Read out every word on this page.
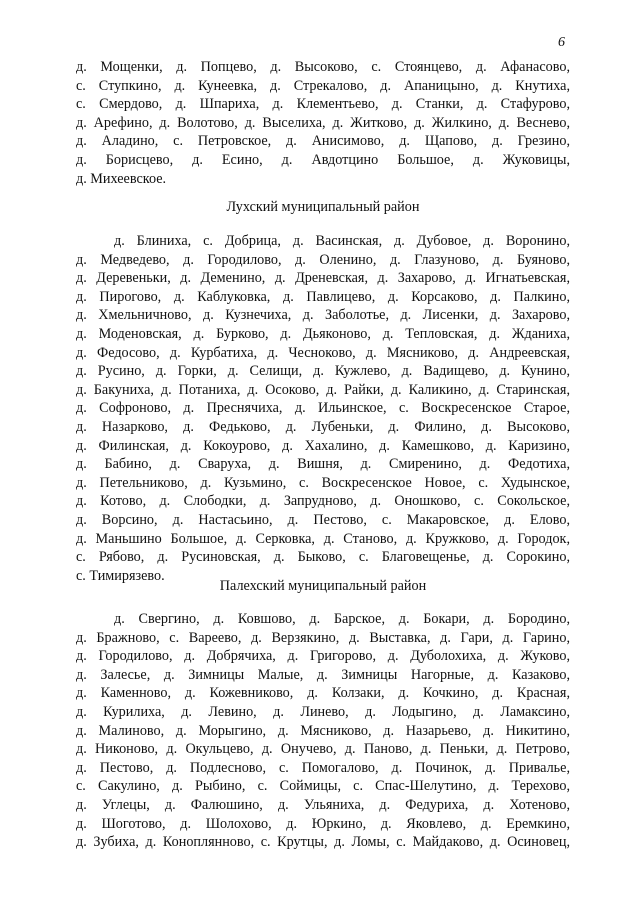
6
д. Мощенки, д. Попцево, д. Высоково, с. Стоянцево, д. Афанасово,
с. Ступкино, д. Кунеевка, д. Стрекалово, д. Апаницыно, д. Кнутиха,
с. Смердово, д. Шпариха, д. Клементьево, д. Станки, д. Стафурово,
д. Арефино, д. Волотово, д. Выселиха, д. Житково, д. Жилкино, д. Веснево,
д. Аладино, с. Петровское, д. Анисимово, д. Щапово, д. Грезино,
д. Борисцево, д. Есино, д. Авдотцино Большое, д. Жуковицы,
д. Михеевское.
Лухский муниципальный район
д. Блиниха, с. Добрица, д. Васинская, д. Дубовое, д. Воронино,
д. Медведево, д. Городилово, д. Оленино, д. Глазуново, д. Буяново,
д. Деревеньки, д. Деменино, д. Дреневская, д. Захарово, д. Игнатьевская,
д. Пирогово, д. Каблуковка, д. Павлицево, д. Корсаково, д. Палкино,
д. Хмельничново, д. Кузнечиха, д. Заболотье, д. Лисенки, д. Захарово,
д. Моденовская, д. Бурково, д. Дьяконово, д. Тепловская, д. Жданиха,
д. Федосово, д. Курбатиха, д. Чесноково, д. Мясниково, д. Андреевская,
д. Русино, д. Горки, д. Селищи, д. Кужлево, д. Вадищево, д. Кунино,
д. Бакуниха, д. Потаниха, д. Осоково, д. Райки, д. Каликино, д. Старинская,
д. Софроново, д. Преснячиха, д. Ильинское, с. Воскресенское Старое,
д. Назарково, д. Федьково, д. Лубеньки, д. Филино, д. Высоково,
д. Филинская, д. Кокоурово, д. Хахалино, д. Камешково, д. Каризино,
д. Бабино, д. Сваруха, д. Вишня, д. Смиренино, д. Федотиха,
д. Петельниково, д. Кузьмино, с. Воскресенское Новое, с. Худынское,
д. Котово, д. Слободки, д. Запрудново, д. Оношково, с. Сокольское,
д. Ворсино, д. Настасьино, д. Пестово, с. Макаровское, д. Елово,
д. Маньшино Большое, д. Серковка, д. Станово, д. Кружково, д. Городок,
с. Рябово, д. Русиновская, д. Быково, с. Благовещенье, д. Сорокино,
с. Тимирязево.
Палехский муниципальный район
д. Свергино, д. Ковшово, д. Барское, д. Бокари, д. Бородино,
д. Бражново, с. Вареево, д. Верзякино, д. Выставка, д. Гари, д. Гарино,
д. Городилово, д. Добрячиха, д. Григорово, д. Дуболохиха, д. Жуково,
д. Залесье, д. Зимницы Малые, д. Зимницы Нагорные, д. Казаково,
д. Каменново, д. Кожевниково, д. Колзаки, д. Кочкино, д. Красная,
д. Курилиха, д. Левино, д. Линево, д. Лодыгино, д. Ламаксино,
д. Малиново, д. Морыгино, д. Мясниково, д. Назарьево, д. Никитино,
д. Никоново, д. Окульцево, д. Онучево, д. Паново, д. Пеньки, д. Петрово,
д. Пестово, д. Подлесново, с. Помогалово, д. Починок, д. Привалье,
с. Сакулино, д. Рыбино, с. Соймицы, с. Спас-Шелутино, д. Терехово,
д. Углецы, д. Фалюшино, д. Ульяниха, д. Федуриха, д. Хотеново,
д. Шоготово, д. Шолохово, д. Юркино, д. Яковлево, д. Еремкино,
д. Зубиха, д. Коноплянново, с. Крутцы, д. Ломы, с. Майдаково, д. Осиновец,
